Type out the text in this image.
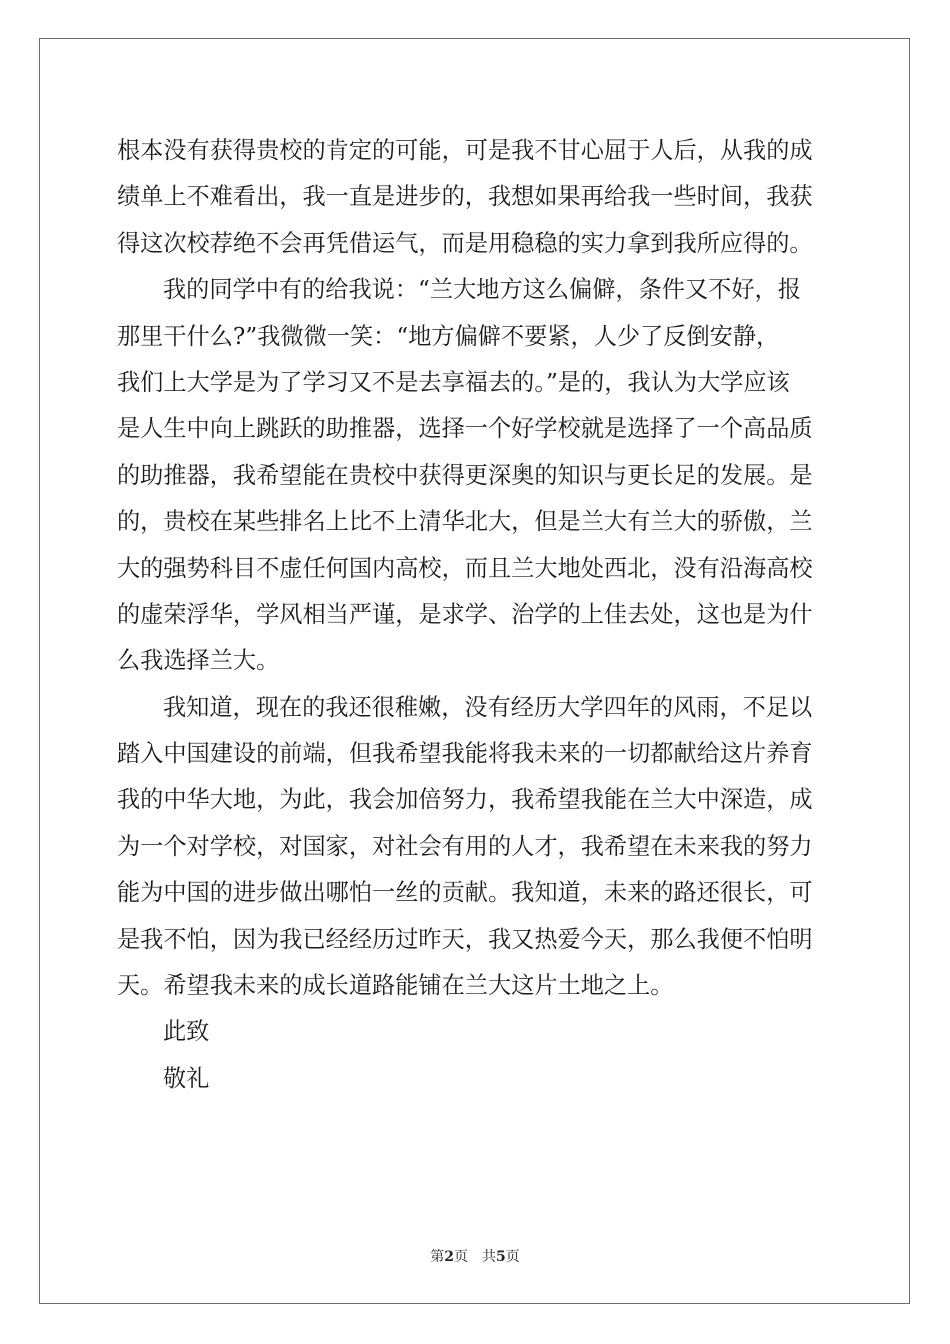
根本没有获得贵校的肯定的可能，可是我不甘心屈于人后，从我的成
绩单上不难看出，我一直是进步的，我想如果再给我一些时间，我获
得这次校荐绝不会再凭借运气，而是用稳稳的实力拿到我所应得的。
我的同学中有的给我说：“兰大地方这么偏僻，条件又不好，报
那里干什么?”我微微一笑：“地方偏僻不要紧，人少了反倒安静，
我们上大学是为了学习又不是去享福去的。”是的，我认为大学应该
是人生中向上跳跃的助推器，选择一个好学校就是选择了一个高品质
的助推器，我希望能在贵校中获得更深奥的知识与更长足的发展。是
的，贵校在某些排名上比不上清华北大，但是兰大有兰大的骄傲，兰
大的强势科目不虚任何国内高校，而且兰大地处西北，没有沿海高校
的虚荣浮华，学风相当严谨，是求学、治学的上佳去处，这也是为什
么我选择兰大。
我知道，现在的我还很稚嫩，没有经历大学四年的风雨，不足以
踏入中国建设的前端，但我希望我能将我未来的一切都献给这片养育
我的中华大地，为此，我会加倍努力，我希望我能在兰大中深造，成
为一个对学校，对国家，对社会有用的人才，我希望在未来我的努力
能为中国的进步做出哪怕一丝的贡献。我知道，未来的路还很长，可
是我不怕，因为我已经经历过昨天，我又热爱今天，那么我便不怕明
天。希望我未来的成长道路能铺在兰大这片土地之上。
此致
敬礼
第2页 共5页
